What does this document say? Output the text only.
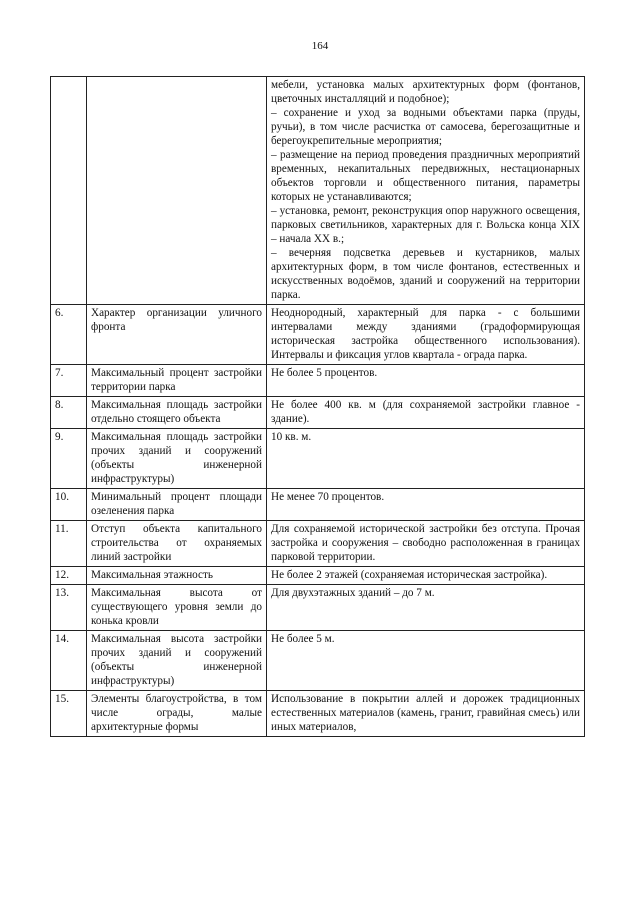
164

		мебели, установка малых архитектурных форм (фонтанов, цветочных инсталляций и подобное);

– сохранение и уход за водными объектами парка (пруды, ручьи), в том числе расчистка от самосева, берегозащитные и берегоукрепительные мероприятия;

– размещение на период проведения праздничных мероприятий временных, некапитальных передвижных, нестационарных объектов торговли и общественного питания, параметры которых не устанавливаются;

– установка, ремонт, реконструкция опор наружного освещения, парковых светильников, характерных для г. Вольска конца XIX – начала XX в.;

– вечерняя подсветка деревьев и кустарников, малых архитектурных форм, в том числе фонтанов, естественных и искусственных водоёмов, зданий и сооружений на территории парка.

6.	Характер организации уличного фронта	Неоднородный, характерный для парка - с большими интервалами между зданиями (градоформирующая историческая застройка общественного использования). Интервалы и фиксация углов квартала - ограда парка.

7.	Максимальный процент застройки территории парка	Не более 5 процентов.

8.	Максимальная площадь застройки отдельно стоящего объекта	Не более 400 кв. м (для сохраняемой застройки главное - здание).

9.	Максимальная площадь застройки прочих зданий и сооружений (объекты инженерной инфраструктуры)	10 кв. м.

10.	Минимальный процент площади озеленения парка	Не менее 70 процентов.

11.	Отступ объекта капитального строительства от охраняемых линий застройки	Для сохраняемой исторической застройки без отступа. Прочая застройка и сооружения – свободно расположенная в границах парковой территории.

12.	Максимальная этажность	Не более 2 этажей (сохраняемая историческая застройка).

13.	Максимальная высота от существующего уровня земли до конька кровли	Для двухэтажных зданий – до 7 м.

14.	Максимальная высота застройки прочих зданий и сооружений (объекты инженерной инфраструктуры)	Не более 5 м.

15.	Элементы благоустройства, в том числе ограды, малые архитектурные формы	Использование в покрытии аллей и дорожек традиционных естественных материалов (камень, гранит, гравийная смесь) или иных материалов,
